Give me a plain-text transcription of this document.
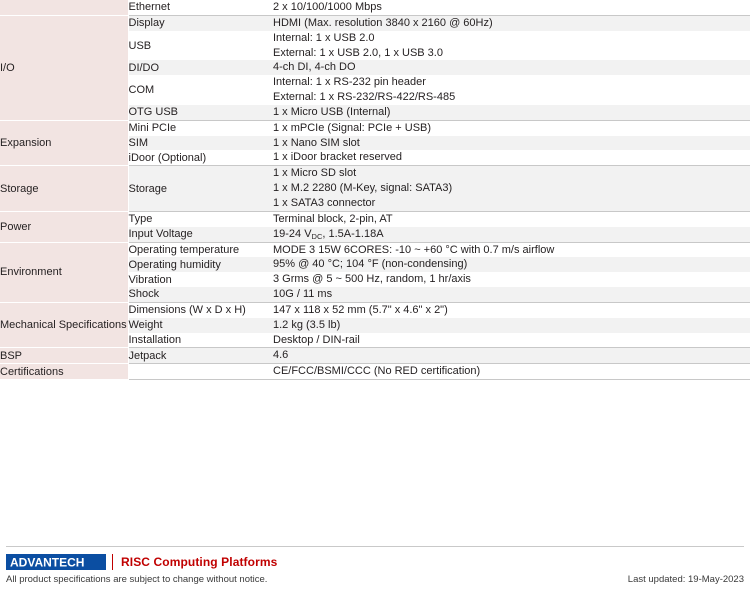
	Ethernet	2 x 10/100/1000 Mbps

I/O	Display	HDMI (Max. resolution 3840 x 2160 @ 60Hz)

	USB	Internal: 1 x USB 2.0
External: 1 x USB 2.0, 1 x USB 3.0

	DI/DO	4-ch DI, 4-ch DO

	COM	Internal: 1 x RS-232 pin header
External: 1 x RS-232/RS-422/RS-485

	OTG USB	1 x Micro USB (Internal)

Expansion	Mini PCIe	1 x mPCIe (Signal: PCIe + USB)

	SIM	1 x Nano SIM slot

	iDoor (Optional)	1 x iDoor bracket reserved

Storage	Storage	1 x Micro SD slot
1 x M.2 2280 (M-Key, signal: SATA3)
1 x SATA3 connector

Power	Type	Terminal block, 2-pin, AT

	Input Voltage	19-24 $V_{DC}$, 1.5A-1.18A

Environment	Operating temperature	MODE 3 15W 6CORES: -10 ~ +60 °C with 0.7 m/s airflow

	Operating humidity	95% @ 40 °C; 104 °F (non-condensing)

	Vibration	3 Grms @ 5 ~ 500 Hz, random, 1 hr/axis

	Shock	10G / 11 ms

Mechanical Specifications	Dimensions (W x D x H)	147 x 118 x 52 mm (5.7" x 4.6" x 2")

	Weight	1.2 kg (3.5 lb)

	Installation	Desktop / DIN-rail

BSP	Jetpack	4.6

Certifications		CE/FCC/BSMI/CCC (No RED certification)
ADVANTECH	RISC Computing Platforms
All product specifications are subject to change without notice.	Last updated: 19-May-2023
